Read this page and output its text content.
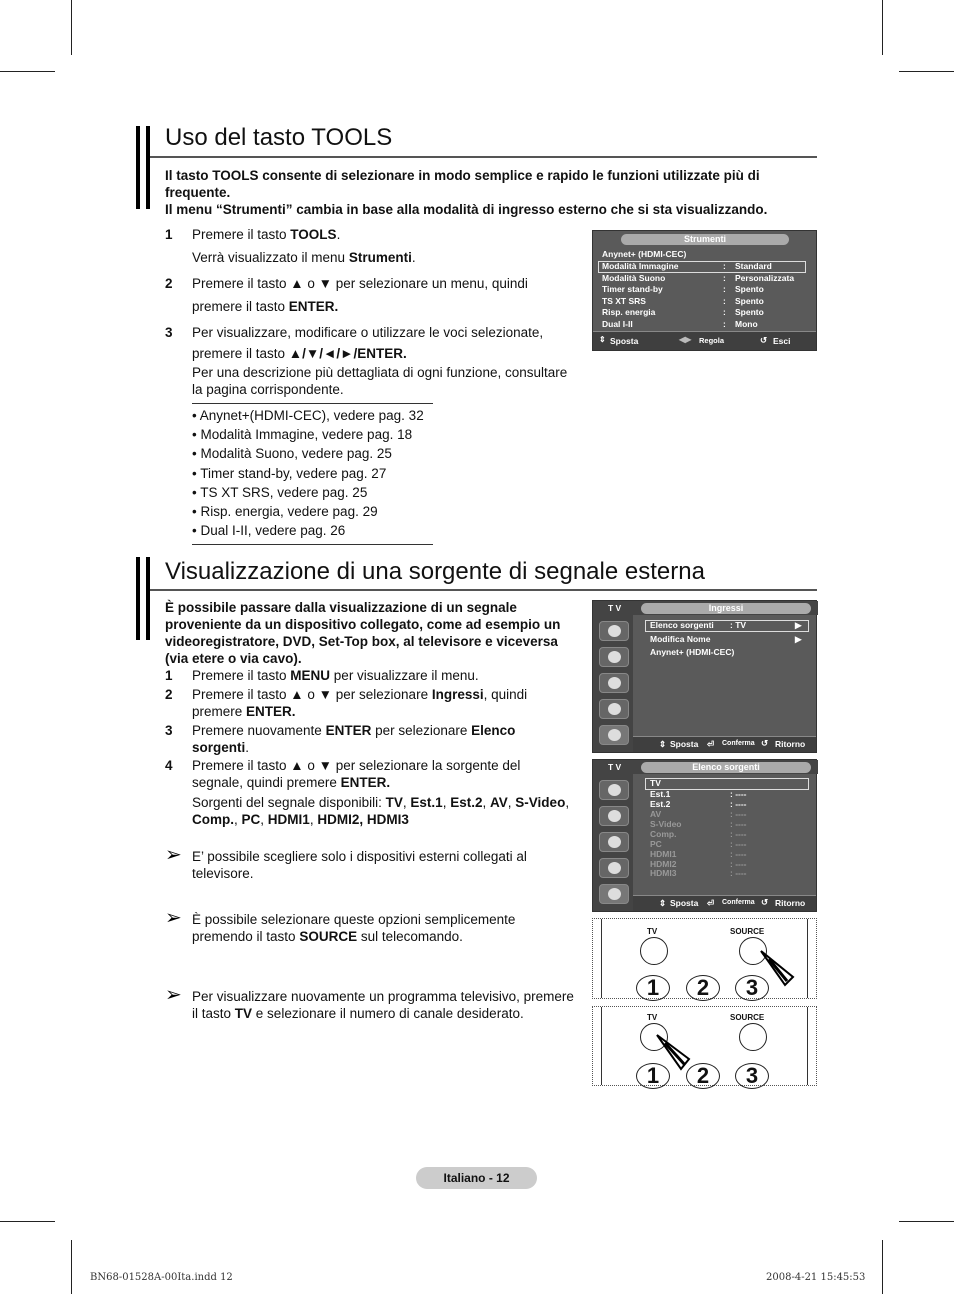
Uso del tasto TOOLS
Il tasto TOOLS consente di selezionare in modo semplice e rapido le funzioni utilizzate più di
frequente.
Il menu “Strumenti” cambia in base alla modalità di ingresso esterno che si sta visualizzando.
1 Premere il tasto TOOLS.
Verrà visualizzato il menu Strumenti.
2 Premere il tasto ▲ o ▼ per selezionare un menu, quindi
premere il tasto ENTER.
3 Per visualizzare, modificare o utilizzare le voci selezionate,
premere il tasto ▲/▼/◄/►/ENTER.
Per una descrizione più dettagliata di ogni funzione, consultare
la pagina corrispondente.
• Anynet+(HDMI-CEC), vedere pag. 32
• Modalità Immagine, vedere pag. 18
• Modalità Suono, vedere pag. 25
• Timer stand-by, vedere pag. 27
• TS XT SRS, vedere pag. 25
• Risp. energia, vedere pag. 29
• Dual I-II, vedere pag. 26
Strumenti
Anynet+ (HDMI-CEC)
Modalità Immagine	: Standard
Modalità Suono	: Personalizzata
Timer stand-by	: Spento
TS XT SRS	: Spento
Risp. energia	: Spento
Dual I-II	: Mono
⇕ Sposta	◀▶ Regola	↺ Esci
Visualizzazione di una sorgente di segnale esterna
È possibile passare dalla visualizzazione di un segnale
proveniente da un dispositivo collegato, come ad esempio un
videoregistratore, DVD, Set-Top box, al televisore e viceversa
(via etere o via cavo).
1 Premere il tasto MENU per visualizzare il menu.
2 Premere il tasto ▲ o ▼ per selezionare Ingressi, quindi
premere ENTER.
3 Premere nuovamente ENTER per selezionare Elenco
sorgenti.
4 Premere il tasto ▲ o ▼ per selezionare la sorgente del
segnale, quindi premere ENTER.
Sorgenti del segnale disponibili: TV, Est.1, Est.2, AV, S-Video,
Comp., PC, HDMI1, HDMI2, HDMI3
➢ E’ possibile scegliere solo i dispositivi esterni collegati al
televisore.
➢ È possibile selezionare queste opzioni semplicemente
premendo il tasto SOURCE sul telecomando.
➢ Per visualizzare nuovamente un programma televisivo, premere
il tasto TV e selezionare il numero di canale desiderato.
T V	Ingressi
Elenco sorgenti : TV	▶
Modifica Nome	▶
Anynet+ (HDMI-CEC)
⇕ Sposta ⏎ Conferma ↺ Ritorno
T V	Elenco sorgenti
TV
Est.1	: ----
Est.2	: ----
AV	: ----
S-Video	: ----
Comp.	: ----
PC	: ----
HDMI1	: ----
HDMI2	: ----
HDMI3	: ----
⇕ Sposta ⏎ Conferma ↺ Ritorno
TV	SOURCE
1	2	3
TV	SOURCE
1	2	3
Italiano - 12
BN68-01528A-00Ita.indd 12	2008-4-21 15:45:53
